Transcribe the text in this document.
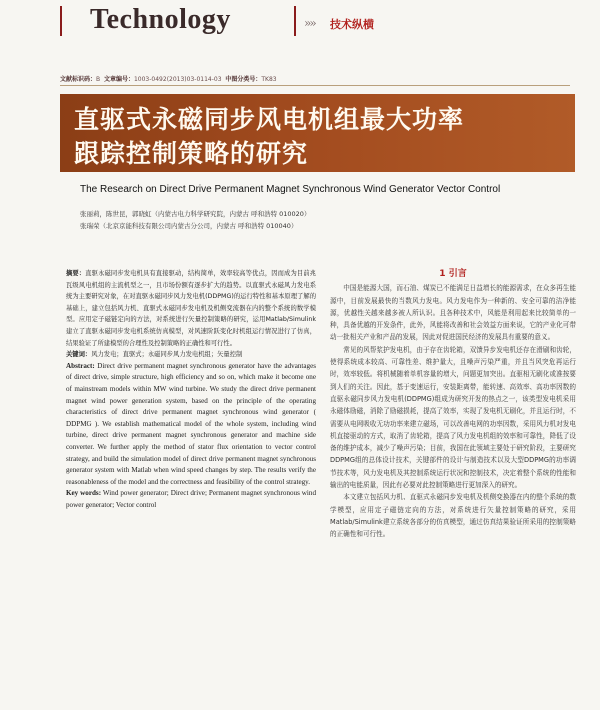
Technology	»» 技术纵横
文献标识码：B 文章编号：1003-0492(2013)03-0114-03 中图分类号：TK83
直驱式永磁同步风电机组最大功率
跟踪控制策略的研究
The Research on Direct Drive Permanent Magnet Synchronous Wind Generator Vector Control
张丽莉，陈世昆，郭晓虹（内蒙古电力科学研究院，内蒙古 呼和浩特 010020）
张瑞荣（北京京能科技有限公司内蒙古分公司，内蒙古 呼和浩特 010040）
摘要：直驱永磁同步发电机具有直接驱动，结构简单，效率较高等优点，因而成为目前兆瓦级风电机组的主流机型之一，且市场份额有逐步扩大的趋势。以直驱式永磁风力发电系统为主要研究对象，在对直驱永磁同步风力发电机(DDPMG)的运行特性和基本原理了解的基础上，建立包括风力机、直驱式永磁同步发电机及机侧变流器在内的整个系统的数学模型。应用定子磁链定向的方法，对系统进行矢量控制策略的研究，运用Matlab/Simulink建立了直驱永磁同步发电机系统仿真模型，对风速阶跃变化时机组运行情况进行了仿真，结果验证了所建模型的合理性及控制策略的正确性和可行性。
关键词：风力发电；直驱式；永磁同步风力发电机组；矢量控制
Abstract: Direct drive permanent magnet synchronous generator have the advantages of direct drive, simple structure, high efficiency and so on, which make it become one of mainstream models within MW wind turbine. We study the direct drive permanent magnet wind power generation system, based on the principle of the operating characteristics of direct drive permanent magnet synchronous wind generator ( DDPMG ). We establish mathematical model of the whole system, including wind turbine, direct drive permanent magnet synchronous generator and machine side converter. We further apply the method of stator flux orientation to vector control strategy, and build the simulation model of direct drive permanent magnet synchronous generator system with Matlab when wind speed changes by step. The results verify the reasonableness of the model and the correctness and feasibility of the control strategy.
Key words: Wind power generator; Direct drive; Permanent magnet synchronous wind power generator; Vector control
1 引言

中国是能源大国，而石油、煤炭已不能满足日益增长的能源需求，在众多再生能源中，目前发展最快的当数风力发电。风力发电作为一种新的、安全可靠的洁净能源，优越性关越来越多被人所认识。且各种技术中，风能是利用起来比较简单的一种，具备优越的开发条件，此外，风能将改善和社会效益方面来说，它的产业化可带动一批相关产业和产品的发展，因此对促进国民经济的发展具有重要的意义。

常见的风帮浆护发电机，由于存在齿轮箱，双馈异步发电机还存在滑刷和齿轮，使得系统成本较高、可靠性差、维护量大，且噪声污染严重，并且当风突危再运行时，效率较低。将机械随着单机容量的增大，问题更加突出。直驱相无刷化或准按要到人们的关注。因此，基于变速运行，安装距离带，能转速、高效率、高功率因数的直驱永磁同步风力发电机(DDPMG)组成为研究开发的热点之一，该类型发电机采用永磁体励磁，消除了励磁损耗，提高了效率，实现了发电机无刷化，并且运行时，不需要从电网吸收无功功率来建立磁场，可以改善电网的功率因数，采用风力机对发电机直接驱动的方式，取消了齿轮箱，提高了风力发电机组的效率和可靠性，降低了设备的维护成本，减少了噪声污染；目前，我国在此领域主要处于研究阶段，主要研究DDPMG组的总体设计技术，关键部件的设计与制造技术以及大型DDPMG的功率调节技术等，风力发电机及其控制系统运行状况和控制技术，决定着整个系统的性能和输出的电能质量，因此有必要对此控制策略进行更加深入的研究。

本文建立包括风力机、直驱式永磁同步发电机及机侧变换器在内的整个系统的数学模型，应用定子磁链定向的方法，对系统进行矢量控制策略的研究，采用Matlab/Simulink建立系统各部分的仿真模型，通过仿真结果验证所采用的控制策略的正确性和可行性。
